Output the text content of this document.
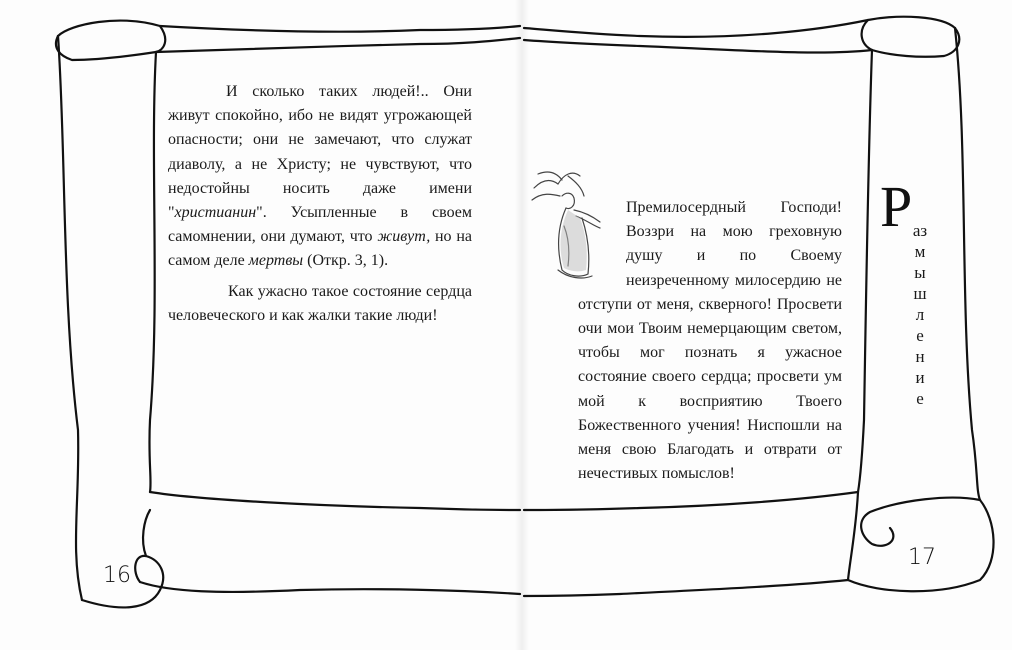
И сколько таких людей!.. Они живут спокойно, ибо не видят угрожающей опасности; они не замечают, что служат диаволу, а не Христу; не чувствуют, что недостойны носить даже имени "христианин". Усыпленные в своем самомнении, они думают, что живут, но на самом деле мертвы (Откр. 3, 1).

Как ужасно такое состояние сердца человеческого и как жалки такие люди!

16

Премилосердный Господи! Воззри на мою греховную душу и по Своему неизреченному милосердию не отступи от меня, скверного! Просвети очи мои Твоим немерцающим светом, чтобы мог познать я ужасное состояние своего сердца; просвети ум мой к восприятию Твоего Божественного учения! Ниспошли на меня свою Благодать и отврати от нечестивых помыслов!

Р азмышление
17
